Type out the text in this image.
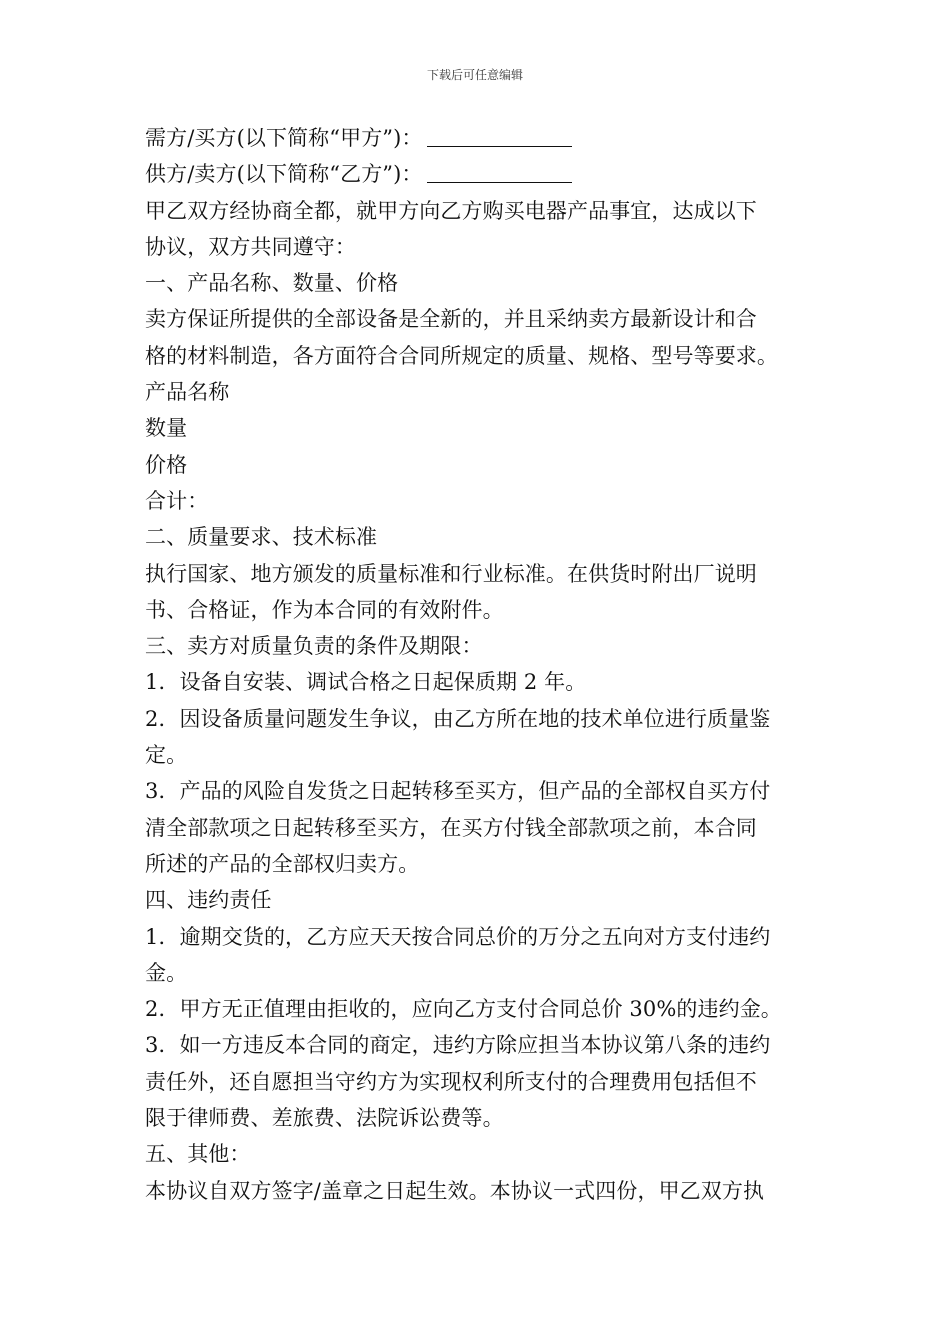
下载后可任意编辑
需方/买方(以下简称“甲方”)：
供方/卖方(以下简称“乙方”)：
甲乙双方经协商全都，就甲方向乙方购买电器产品事宜，达成以下
协议，双方共同遵守：
一、产品名称、数量、价格
卖方保证所提供的全部设备是全新的，并且采纳卖方最新设计和合
格的材料制造，各方面符合合同所规定的质量、规格、型号等要求。
产品名称
数量
价格
合计：
二、质量要求、技术标准
执行国家、地方颁发的质量标准和行业标准。在供货时附出厂说明
书、合格证，作为本合同的有效附件。
三、卖方对质量负责的条件及期限：
1．设备自安装、调试合格之日起保质期 2 年。
2．因设备质量问题发生争议，由乙方所在地的技术单位进行质量鉴
定。
3．产品的风险自发货之日起转移至买方，但产品的全部权自买方付
清全部款项之日起转移至买方，在买方付钱全部款项之前，本合同
所述的产品的全部权归卖方。
四、违约责任
1．逾期交货的，乙方应天天按合同总价的万分之五向对方支付违约
金。
2．甲方无正值理由拒收的，应向乙方支付合同总价 30%的违约金。
3．如一方违反本合同的商定，违约方除应担当本协议第八条的违约
责任外，还自愿担当守约方为实现权利所支付的合理费用包括但不
限于律师费、差旅费、法院诉讼费等。
五、其他：
本协议自双方签字/盖章之日起生效。本协议一式四份，甲乙双方执
